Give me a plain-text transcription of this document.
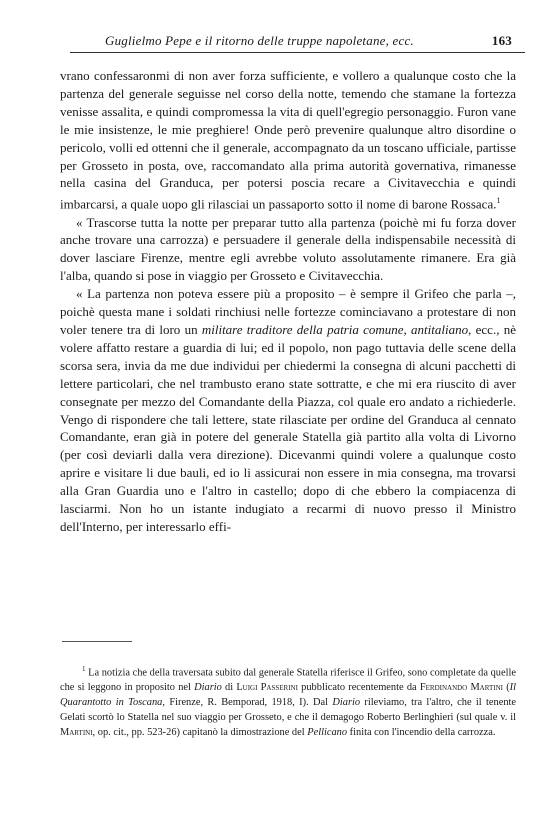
Guglielmo Pepe e il ritorno delle truppe napoletane, ecc.	163

vrano confessaronmi di non aver forza sufficiente, e vollero a qualunque costo che la partenza del generale seguisse nel corso della notte, temendo che stamane la fortezza venisse assalita, e quindi compromessa la vita di quell'egregio personaggio. Furon vane le mie insistenze, le mie preghiere! Onde però prevenire qualunque altro disordine o pericolo, volli ed ottenni che il generale, accompagnato da un toscano ufficiale, partisse per Grosseto in posta, ove, raccomandato alla prima autorità governativa, rimanesse nella casina del Granduca, per potersi poscia recare a Civitavecchia e quindi imbarcarsi, a quale uopo gli rilasciai un passaporto sotto il nome di barone Rossaca.$^1$

« Trascorse tutta la notte per preparar tutto alla partenza (poichè mi fu forza dover anche trovare una carrozza) e persuadere il generale della indispensabile necessità di dover lasciare Firenze, mentre egli avrebbe voluto assolutamente rimanere. Era già l'alba, quando si pose in viaggio per Grosseto e Civitavecchia.

« La partenza non poteva essere più a proposito – è sempre il Grifeo che parla –, poichè questa mane i soldati rinchiusi nelle fortezze cominciavano a protestare di non voler tenere tra di loro un militare traditore della patria comune, antitaliano, ecc., nè volere affatto restare a guardia di lui; ed il popolo, non pago tuttavia delle scene della scorsa sera, invia da me due individui per chiedermi la consegna di alcuni pacchetti di lettere particolari, che nel trambusto erano state sottratte, e che mi era riuscito di aver consegnate per mezzo del Comandante della Piazza, col quale ero andato a richiederle. Vengo di rispondere che tali lettere, state rilasciate per ordine del Granduca al cennato Comandante, eran già in potere del generale Statella già partito alla volta di Livorno (per così deviarli dalla vera direzione). Dicevanmi quindi volere a qualunque costo aprire e visitare li due bauli, ed io li assicurai non essere in mia consegna, ma trovarsi alla Gran Guardia uno e l'altro in castello; dopo di che ebbero la compiacenza di lasciarmi. Non ho un istante indugiato a recarmi di nuovo presso il Ministro dell'Interno, per interessarlo effi-

$^1$ La notizia che della traversata subito dal generale Statella riferisce il Grifeo, sono completate da quelle che si leggono in proposito nel Diario di Luigi Passerini pubblicato recentemente da Ferdinando Martini (Il Quarantotto in Toscana, Firenze, R. Bemporad, 1918, I). Dal Diario rileviamo, tra l'altro, che il tenente Gelati scortò lo Statella nel suo viaggio per Grosseto, e che il demagogo Roberto Berlinghieri (sul quale v. il Martini, op. cit., pp. 523-26) capitanò la dimostrazione del Pellicano finita con l'incendio della carrozza.
